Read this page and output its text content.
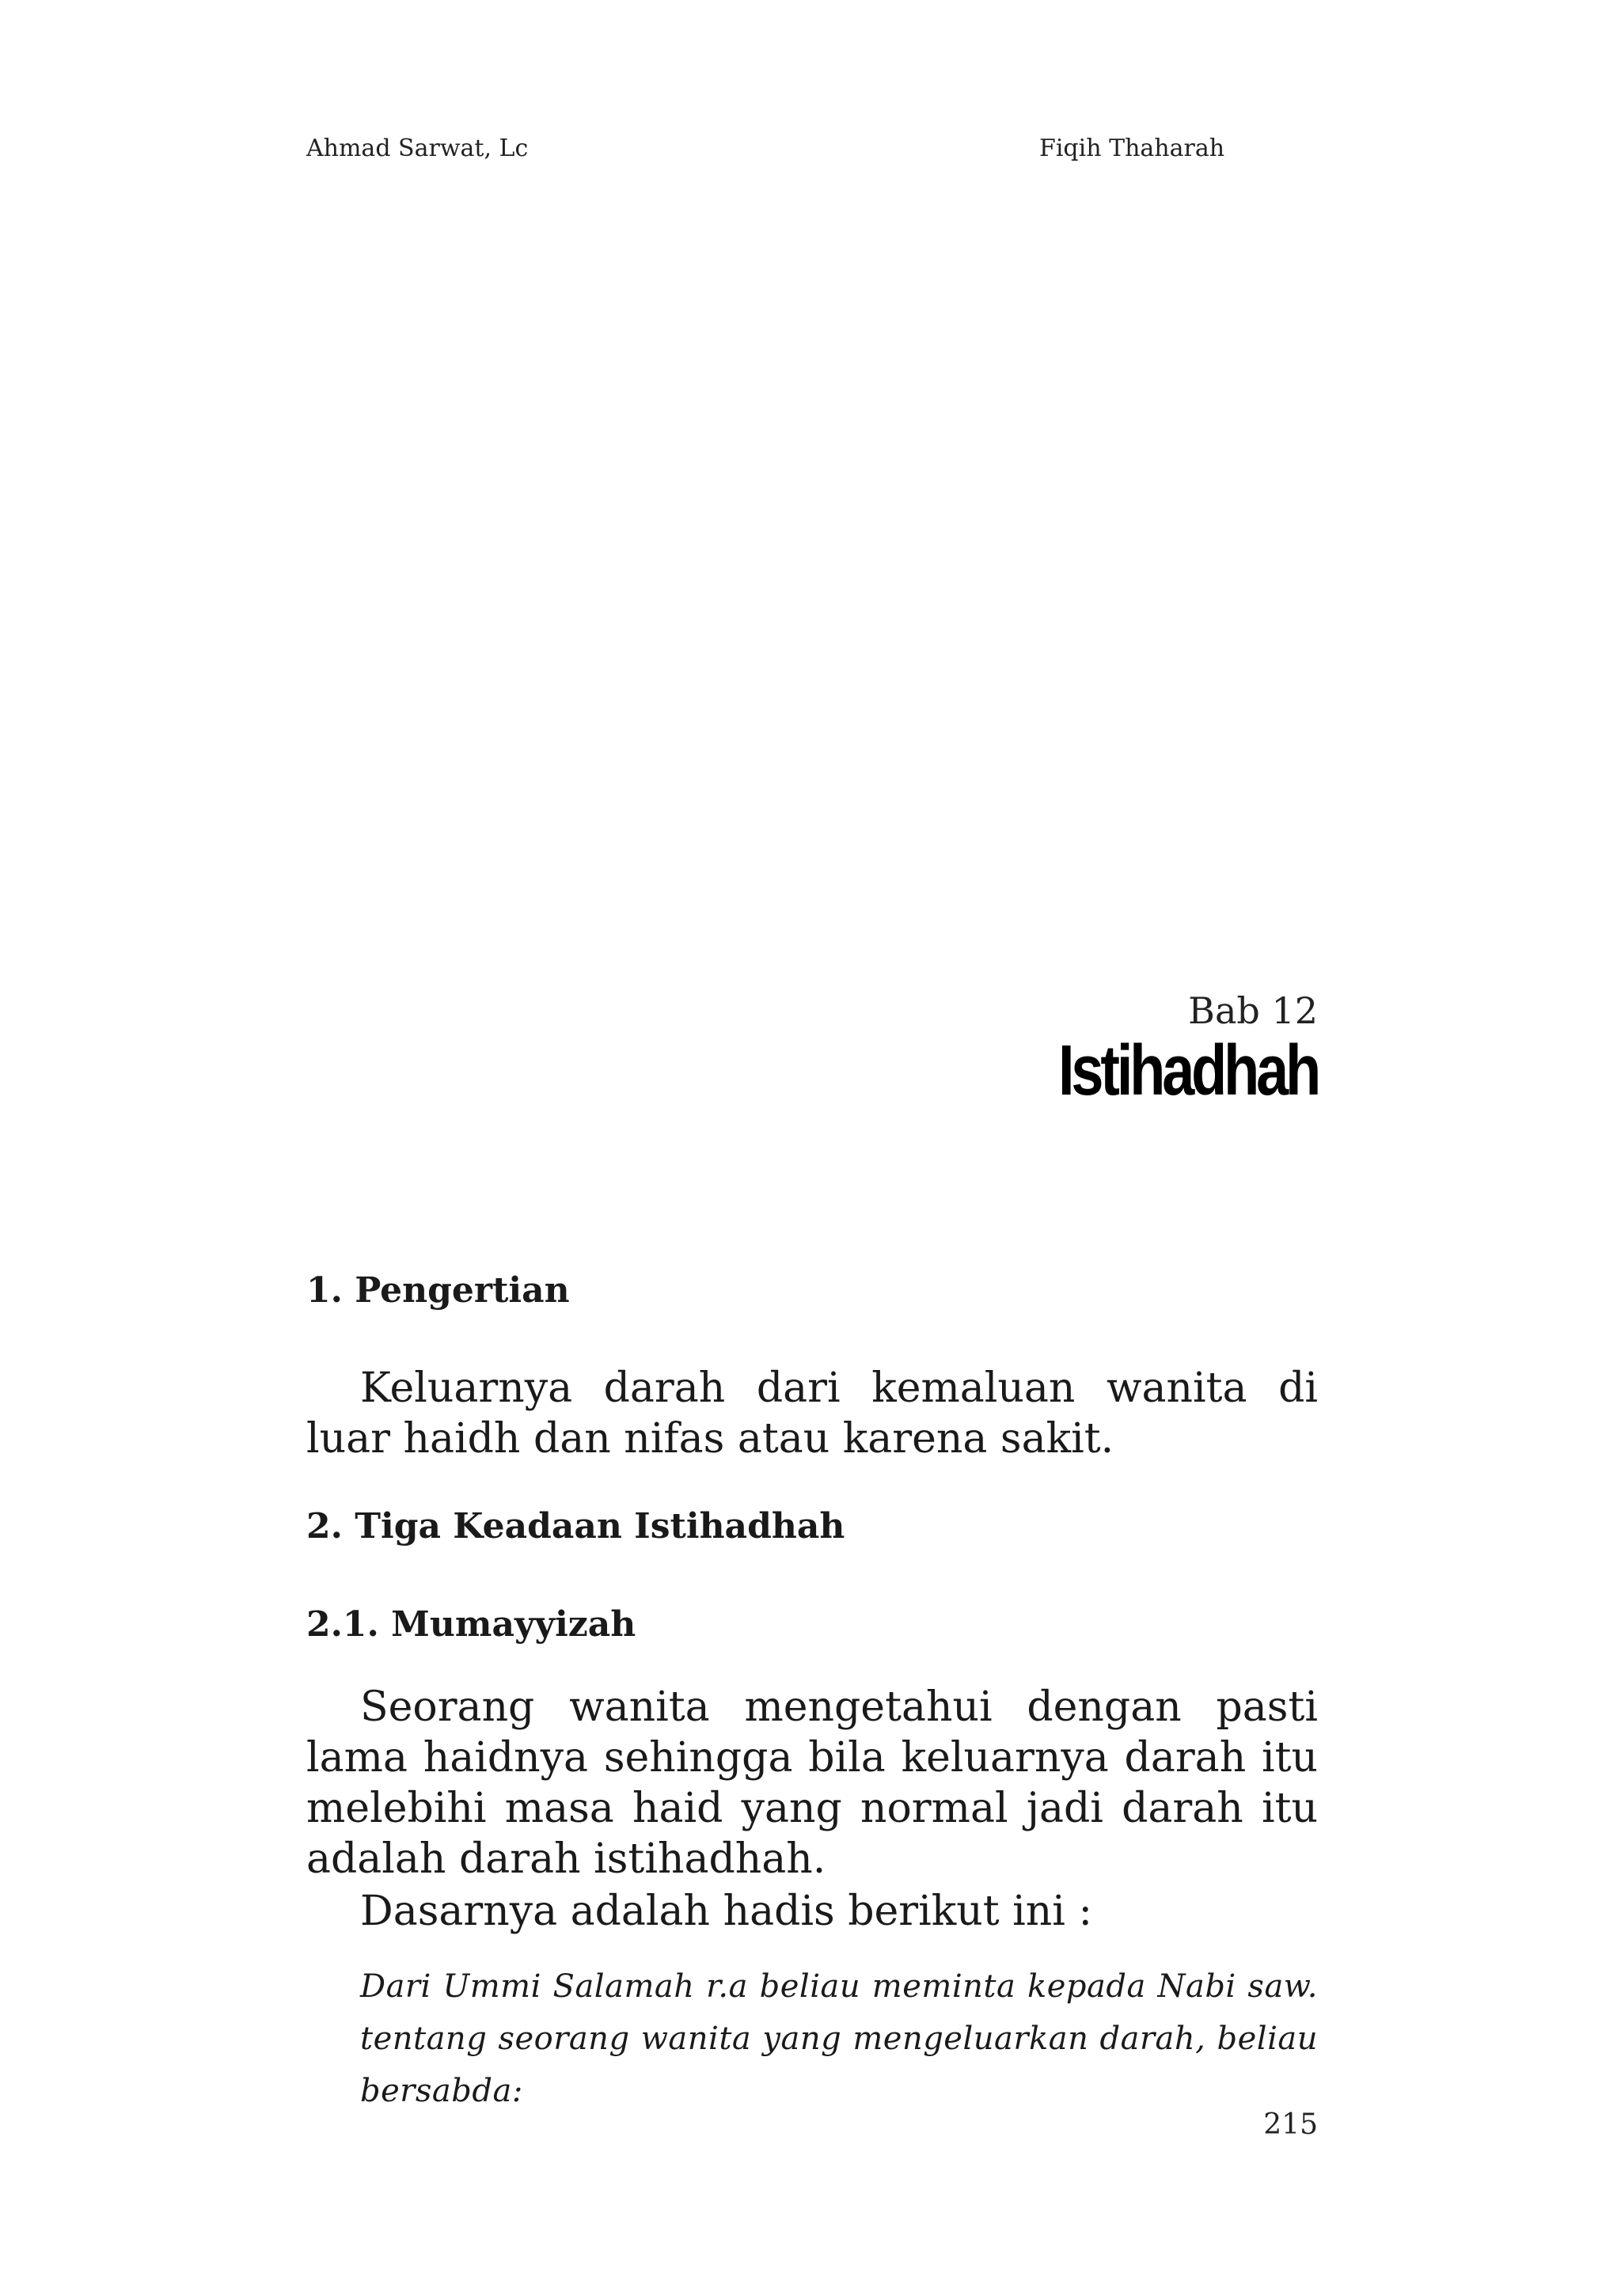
Ahmad Sarwat, Lc	Fiqih Thaharah
Bab 12
Istihadhah
1. Pengertian
Keluarnya darah dari kemaluan wanita di luar haidh dan nifas atau karena sakit.
2. Tiga Keadaan Istihadhah
2.1. Mumayyizah
Seorang wanita mengetahui dengan pasti lama haidnya sehingga bila keluarnya darah itu melebihi masa haid yang normal jadi darah itu adalah darah istihadhah.
Dasarnya adalah hadis berikut ini :
Dari Ummi Salamah r.a beliau meminta kepada Nabi saw. tentang seorang wanita yang mengeluarkan darah, beliau bersabda:
215
